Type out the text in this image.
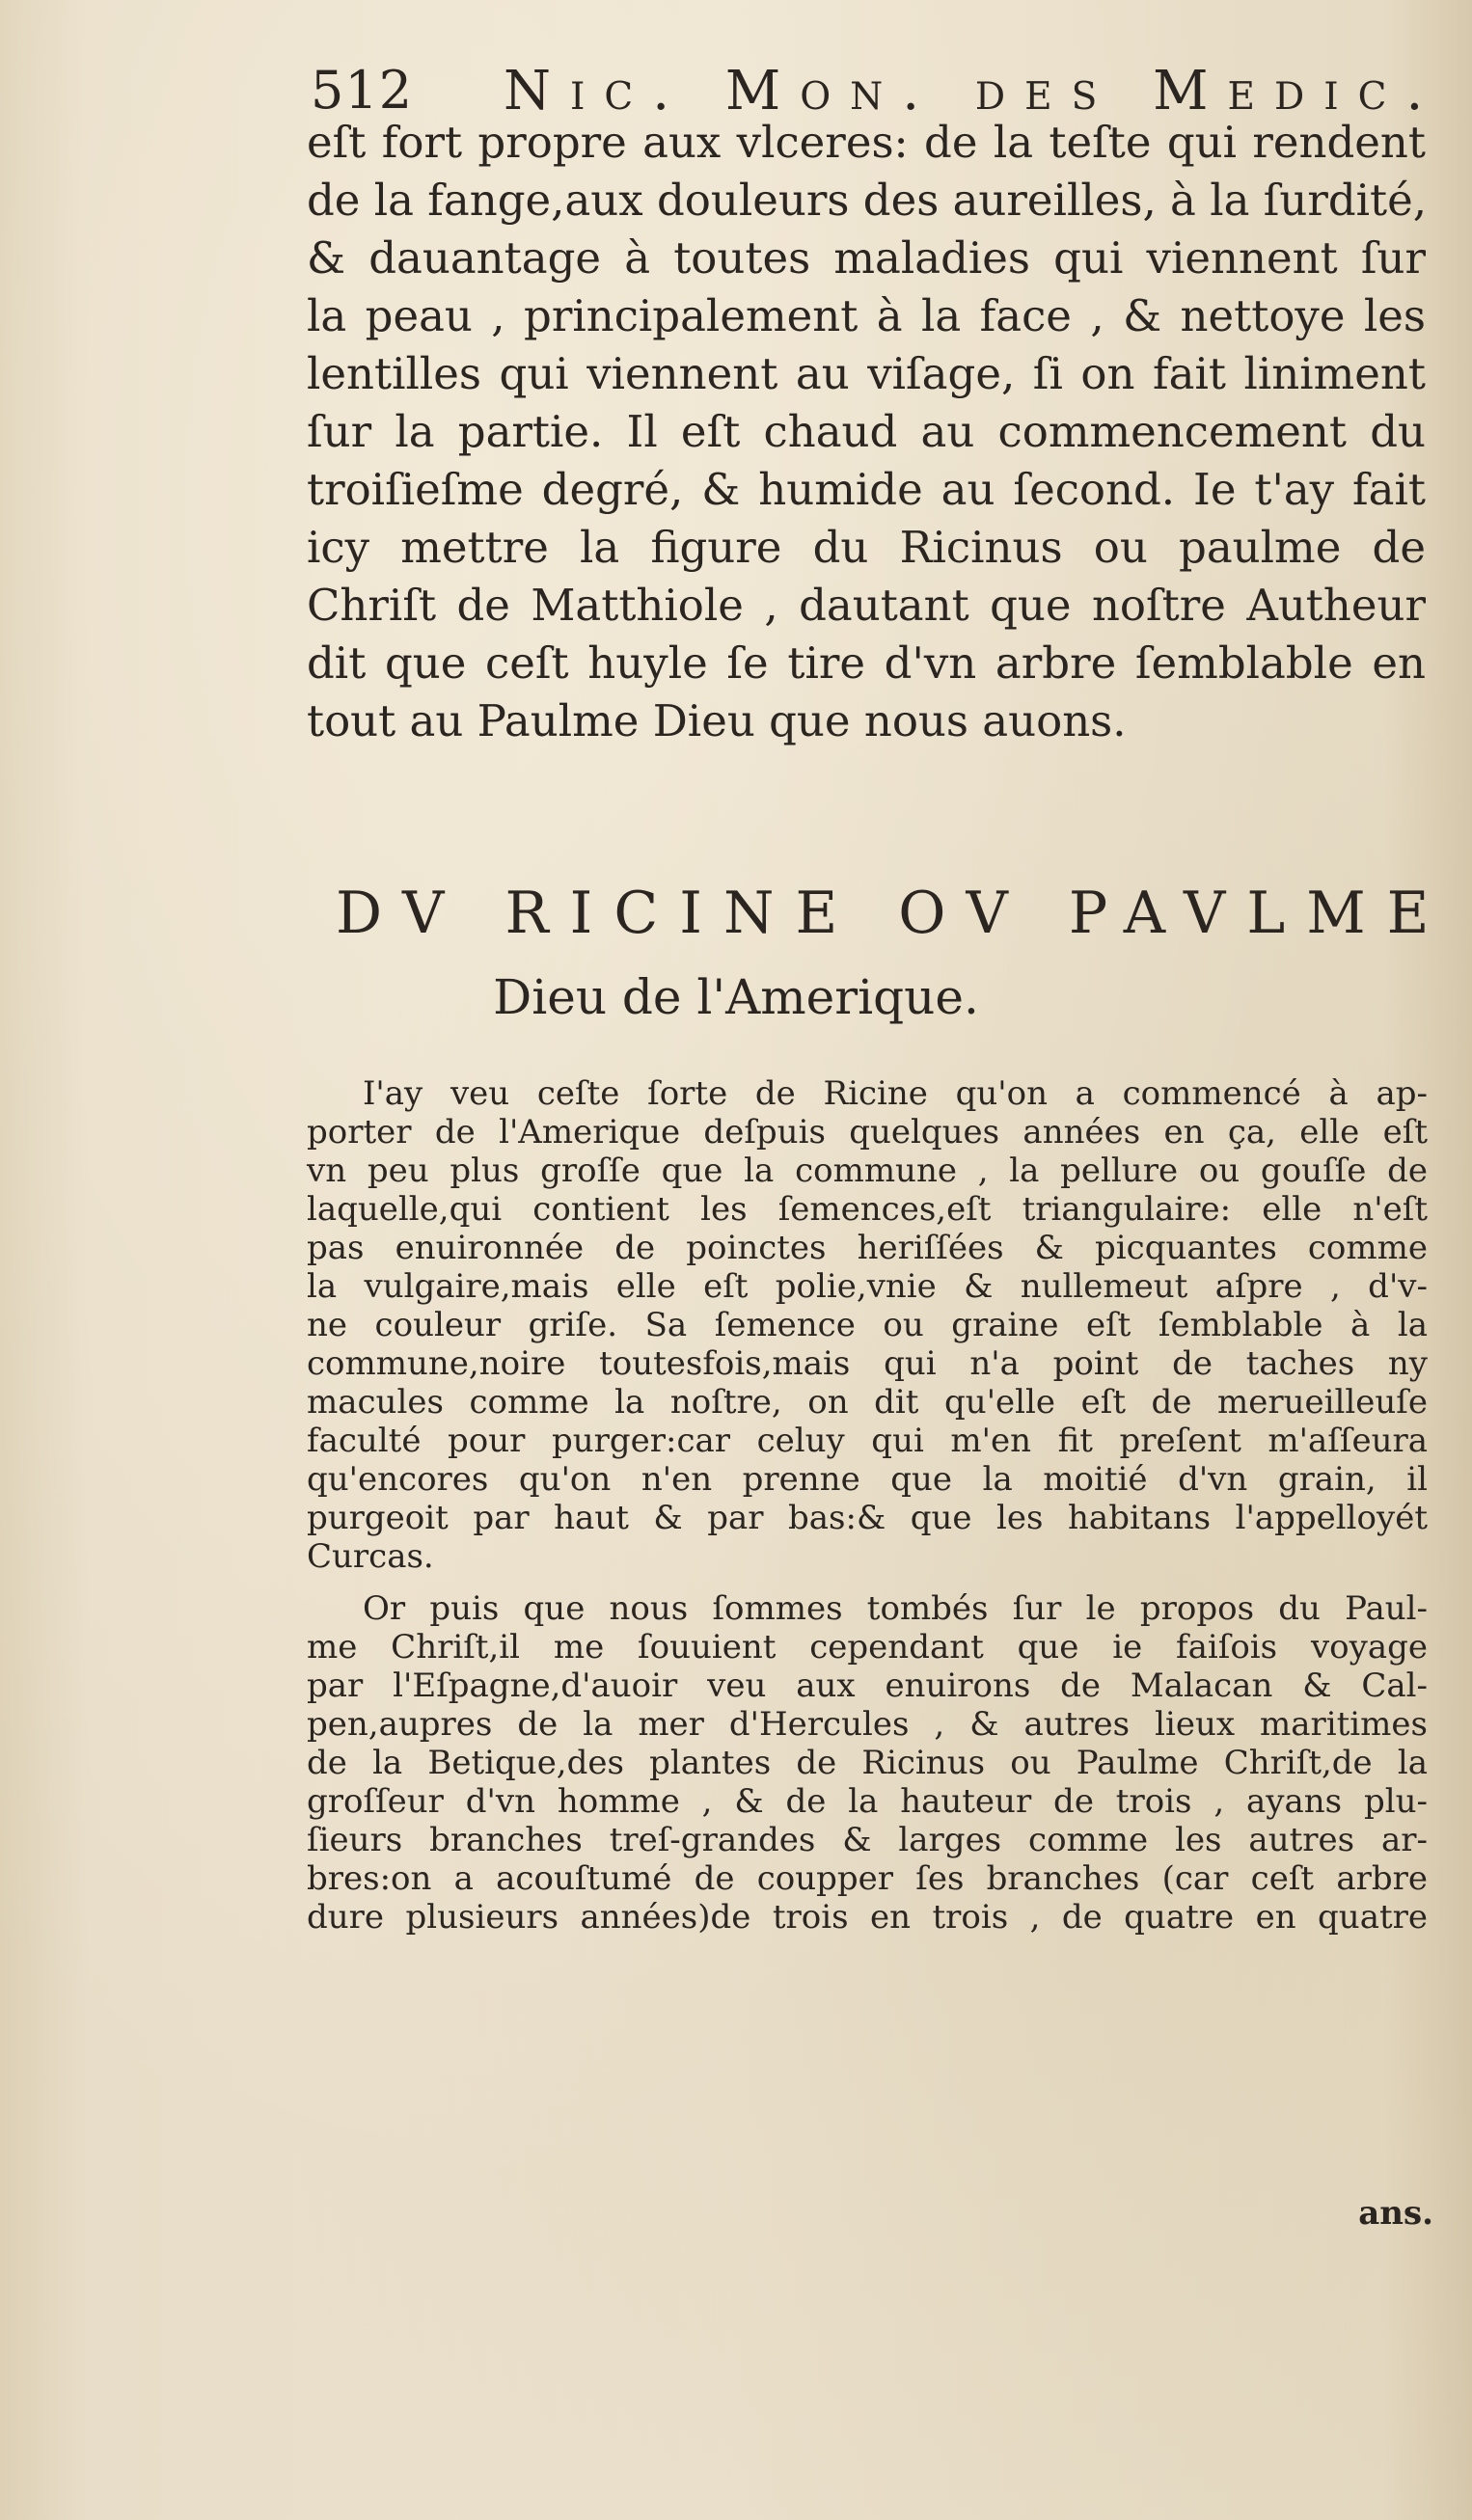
512 Nic. Mon. des Medic.
eſt fort propre aux vlceres: de la teſte qui rendent
de la fange,aux douleurs des aureilles, à la ſurdité,
& dauantage à toutes maladies qui viennent ſur
la peau , principalement à la face , & nettoye les
lentilles qui viennent au viſage, ſi on fait liniment
ſur la partie. Il eſt chaud au commencement du
troiſieſme degré, & humide au ſecond. Ie t'ay fait
icy mettre la figure du Ricinus ou paulme de
Chriſt de Matthiole , dautant que noſtre Autheur
dit que ceſt huyle ſe tire d'vn arbre ſemblable en
tout au Paulme Dieu que nous auons.
DV RICINE OV PAVLME
Dieu de l'Amerique.
I'ay veu ceſte ſorte de Ricine qu'on a commencé à ap-
porter de l'Amerique deſpuis quelques années en ça, elle eſt
vn peu plus groſſe que la commune , la pellure ou gouſſe de
laquelle,qui contient les ſemences,eſt triangulaire: elle n'eſt
pas enuironnée de poinctes heriſſées & picquantes comme
la vulgaire,mais elle eſt polie,vnie & nullemeut aſpre , d'v-
ne couleur griſe. Sa ſemence ou graine eſt ſemblable à la
commune,noire toutesfois,mais qui n'a point de taches ny
macules comme la noſtre, on dit qu'elle eſt de merueilleuſe
faculté pour purger:car celuy qui m'en fit preſent m'aſſeura
qu'encores qu'on n'en prenne que la moitié d'vn grain, il
purgeoit par haut & par bas:& que les habitans l'appelloyét
Curcas.
Or puis que nous ſommes tombés ſur le propos du Paul-
me Chriſt,il me ſouuient cependant que ie faiſois voyage
par l'Eſpagne,d'auoir veu aux enuirons de Malacan & Cal-
pen,aupres de la mer d'Hercules , & autres lieux maritimes
de la Betique,des plantes de Ricinus ou Paulme Chriſt,de la
groſſeur d'vn homme , & de la hauteur de trois , ayans plu-
ſieurs branches treſ-grandes & larges comme les autres ar-
bres:on a acouſtumé de coupper ſes branches (car ceſt arbre
dure plusieurs années)de trois en trois , de quatre en quatre
ans.
